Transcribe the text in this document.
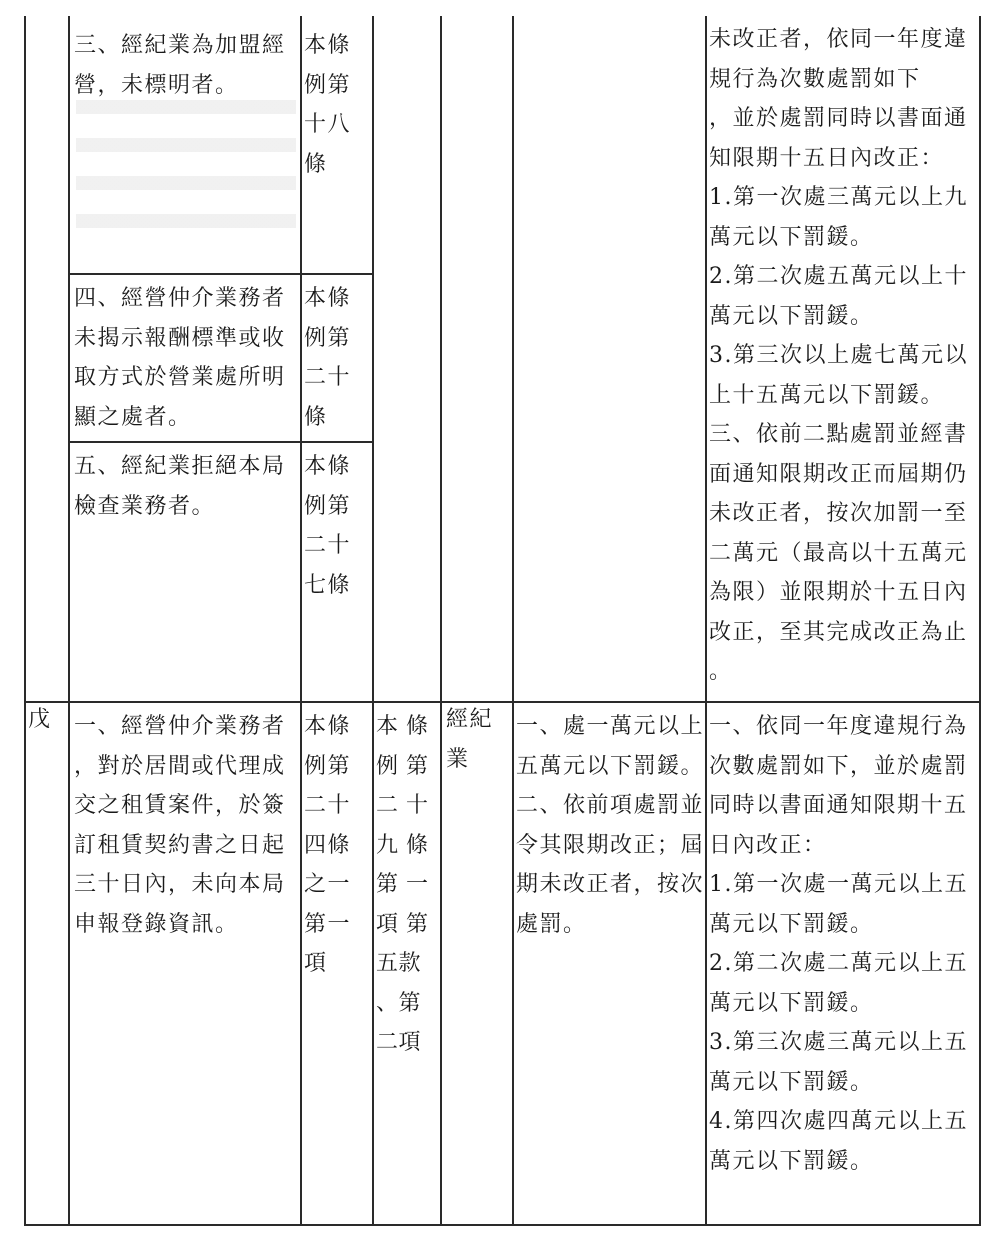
三、經紀業為加盟經營，未標明者。
本條
例第
十八
條
四、經營仲介業務者未揭示報酬標準或收取方式於營業處所明顯之處者。
本條
例第
二十
條
五、經紀業拒絕本局檢查業務者。
本條
例第
二十
七條
未改正者，依同一年度違規行為次數處罰如下
，並於處罰同時以書面通知限期十五日內改正：
1.第一次處三萬元以上九萬元以下罰鍰。
2.第二次處五萬元以上十萬元以下罰鍰。
3.第三次以上處七萬元以上十五萬元以下罰鍰。
三、依前二點處罰並經書面通知限期改正而屆期仍未改正者，按次加罰一至二萬元（最高以十五萬元為限）並限期於十五日內改正，至其完成改正為止
。
戊	一、經營仲介業務者
，對於居間或代理成交之租賃案件，於簽訂租賃契約書之日起三十日內，未向本局申報登錄資訊。
本條
例第
二十
四條
之一
第一
項
本 條
例 第
二 十
九 條
第 一
項 第
五款
、第
二項
經紀
業
一、處一萬元以上五萬元以下罰鍰。
二、依前項處罰並令其限期改正；屆期未改正者，按次處罰。
一、依同一年度違規行為次數處罰如下，並於處罰同時以書面通知限期十五日內改正：
1.第一次處一萬元以上五萬元以下罰鍰。
2.第二次處二萬元以上五萬元以下罰鍰。
3.第三次處三萬元以上五萬元以下罰鍰。
4.第四次處四萬元以上五萬元以下罰鍰。
